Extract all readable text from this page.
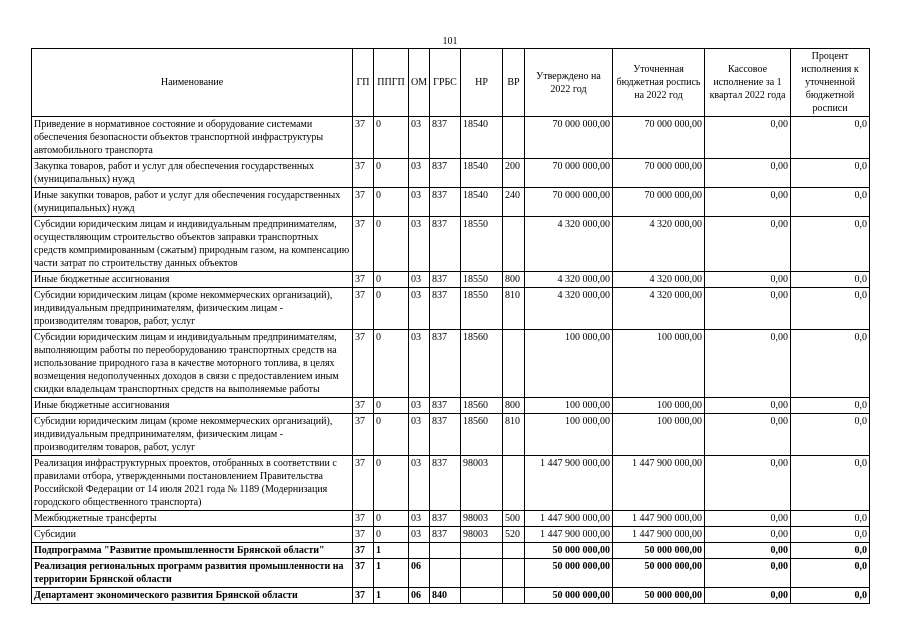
101
Наименование	ГП	ППГП	ОМ	ГРБС	НР	ВР	Утверждено на 2022 год	Уточненная бюджетная роспись на 2022 год	Кассовое исполнение за 1 квартал 2022 года	Процент исполнения к уточненной бюджетной росписи
Приведение в нормативное состояние и оборудование системами обеспечения безопасности объектов транспортной инфраструктуры автомобильного транспорта	37	0	03	837	18540		70 000 000,00	70 000 000,00	0,00	0,0
Закупка товаров, работ и услуг для обеспечения государственных (муниципальных) нужд	37	0	03	837	18540	200	70 000 000,00	70 000 000,00	0,00	0,0
Иные закупки товаров, работ и услуг для обеспечения государственных (муниципальных) нужд	37	0	03	837	18540	240	70 000 000,00	70 000 000,00	0,00	0,0
Субсидии юридическим лицам и индивидуальным предпринимателям, осуществляющим строительство объектов заправки транспортных средств компримированным (сжатым) природным газом, на компенсацию части затрат по строительству данных объектов	37	0	03	837	18550		4 320 000,00	4 320 000,00	0,00	0,0
Иные бюджетные ассигнования	37	0	03	837	18550	800	4 320 000,00	4 320 000,00	0,00	0,0
Субсидии юридическим лицам (кроме некоммерческих организаций), индивидуальным предпринимателям, физическим лицам - производителям товаров, работ, услуг	37	0	03	837	18550	810	4 320 000,00	4 320 000,00	0,00	0,0
Субсидии юридическим лицам и индивидуальным предпринимателям, выполняющим работы по переоборудованию транспортных средств на использование природного газа в качестве моторного топлива, в целях возмещения недополученных доходов в связи с предоставлением иным скидки владельцам транспортных средств на выполняемые работы	37	0	03	837	18560		100 000,00	100 000,00	0,00	0,0
Иные бюджетные ассигнования	37	0	03	837	18560	800	100 000,00	100 000,00	0,00	0,0
Субсидии юридическим лицам (кроме некоммерческих организаций), индивидуальным предпринимателям, физическим лицам - производителям товаров, работ, услуг	37	0	03	837	18560	810	100 000,00	100 000,00	0,00	0,0
Реализация инфраструктурных проектов, отобранных в соответствии с правилами отбора, утвержденными постановлением Правительства Российской Федерации от 14 июля 2021 года № 1189 (Модернизация городского общественного транспорта)	37	0	03	837	98003		1 447 900 000,00	1 447 900 000,00	0,00	0,0
Межбюджетные трансферты	37	0	03	837	98003	500	1 447 900 000,00	1 447 900 000,00	0,00	0,0
Субсидии	37	0	03	837	98003	520	1 447 900 000,00	1 447 900 000,00	0,00	0,0
Подпрограмма "Развитие промышленности Брянской области"	37	1					50 000 000,00	50 000 000,00	0,00	0,0
Реализация региональных программ развития промышленности на территории Брянской области	37	1	06				50 000 000,00	50 000 000,00	0,00	0,0
Департамент экономического развития Брянской области	37	1	06	840			50 000 000,00	50 000 000,00	0,00	0,0
